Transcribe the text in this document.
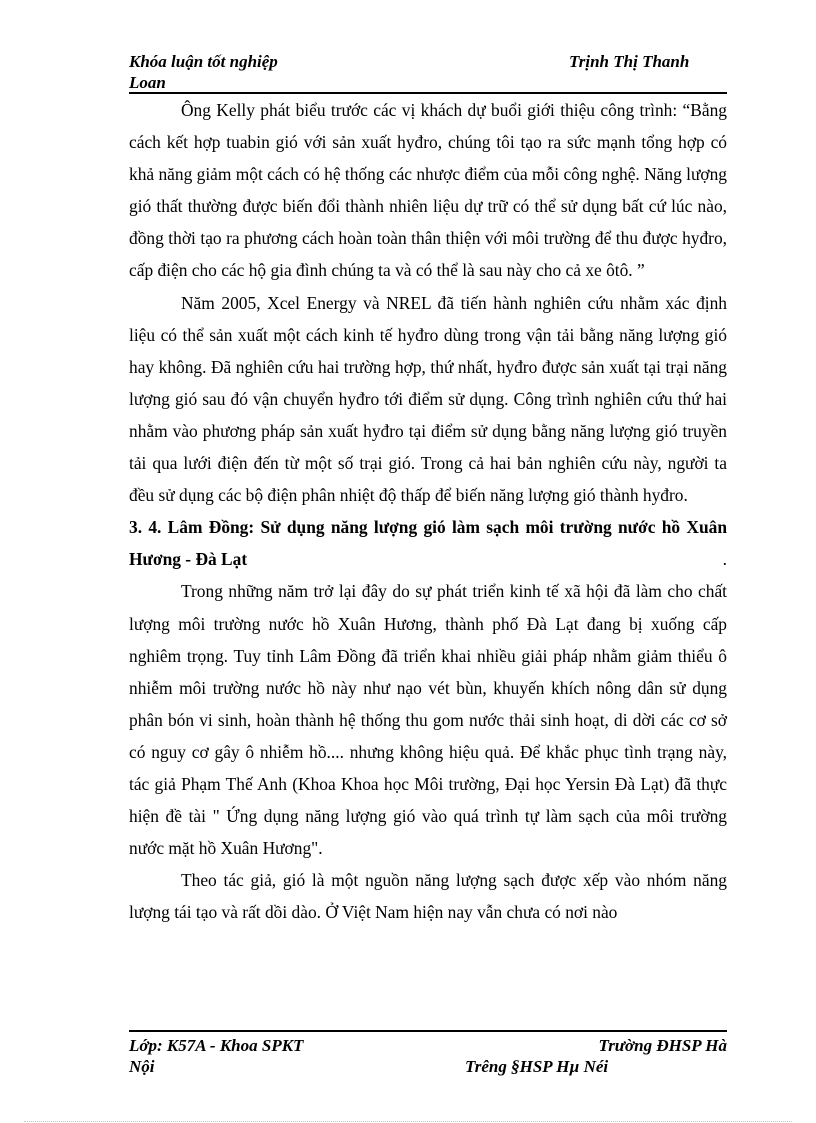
Khóa luận tốt nghiệp	Trịnh Thị Thanh
Loan

Ông Kelly phát biểu trước các vị khách dự buổi giới thiệu công trình: “Bằng cách kết hợp tuabin gió với sản xuất hyđro, chúng tôi tạo ra sức mạnh tổng hợp có khả năng giảm một cách có hệ thống các nhược điểm của mỗi công nghệ. Năng lượng gió thất thường được biến đổi thành nhiên liệu dự trữ có thể sử dụng bất cứ lúc nào, đồng thời tạo ra phương cách hoàn toàn thân thiện với môi trường để thu được hyđro, cấp điện cho các hộ gia đình chúng ta và có thể là sau này cho cả xe ôtô. ”

Năm 2005, Xcel Energy và NREL đã tiến hành nghiên cứu nhằm xác định liệu có thể sản xuất một cách kinh tế hyđro dùng trong vận tải bằng năng lượng gió hay không. Đã nghiên cứu hai trường hợp, thứ nhất, hyđro được sản xuất tại trại năng lượng gió sau đó vận chuyển hyđro tới điểm sử dụng. Công trình nghiên cứu thứ hai nhằm vào phương pháp sản xuất hyđro tại điểm sử dụng bằng năng lượng gió truyền tải qua lưới điện đến từ một số trại gió. Trong cả hai bản nghiên cứu này, người ta đều sử dụng các bộ điện phân nhiệt độ thấp để biến năng lượng gió thành hyđro.

3. 4. Lâm Đồng: Sử dụng năng lượng gió làm sạch môi trường nước hồ Xuân Hương - Đà Lạt	.

Trong những năm trở lại đây do sự phát triển kinh tế xã hội đã làm cho chất lượng môi trường nước hồ Xuân Hương, thành phố Đà Lạt đang bị xuống cấp nghiêm trọng. Tuy tỉnh Lâm Đồng đã triển khai nhiều giải pháp nhằm giảm thiểu ô nhiễm môi trường nước hồ này như nạo vét bùn, khuyến khích nông dân sử dụng phân bón vi sinh, hoàn thành hệ thống thu gom nước thải sinh hoạt, di dời các cơ sở có nguy cơ gây ô nhiễm hồ.... nhưng không hiệu quả. Để khắc phục tình trạng này, tác giả Phạm Thế Anh (Khoa Khoa học Môi trường, Đại học Yersin Đà Lạt) đã thực hiện đề tài " Ứng dụng năng lượng gió vào quá trình tự làm sạch của môi trường nước mặt hồ Xuân Hương".

Theo tác giả, gió là một nguồn năng lượng sạch được xếp vào nhóm năng lượng tái tạo và rất dồi dào. Ở Việt Nam hiện nay vẫn chưa có nơi nào

Lớp: K57A - Khoa SPKT	Trường ĐHSP Hà
Nội	Trêng §HSP Hµ Néi
